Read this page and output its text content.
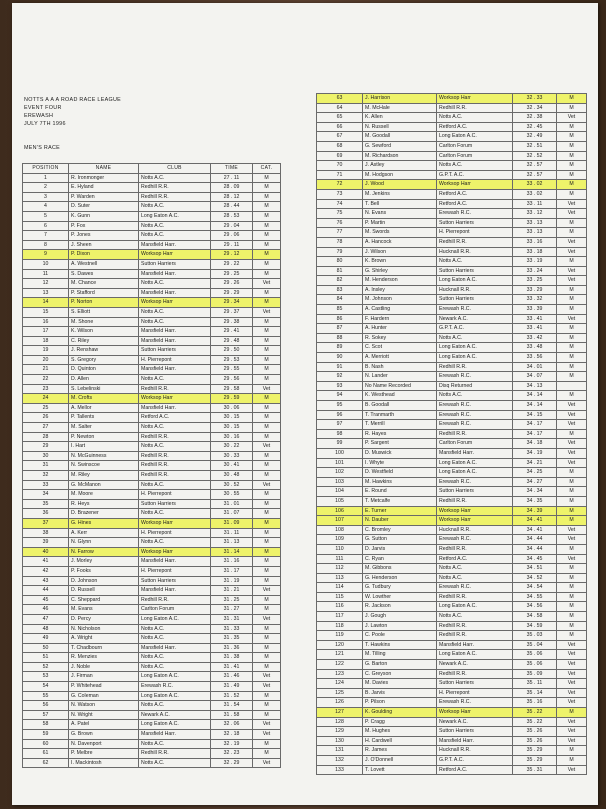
NOTTS A A A ROAD RACE LEAGUE
EVENT FOUR
EREWASH
JULY 7TH 1996
MEN'S RACE
POSITION	NAME	CLUB	TIME	CAT.
1	R. Ironmonger	Notts A.C.	27 . 11	M
2	E. Hyland	Redhill R.R.	28 . 09	M
3	P. Warden	Redhill R.R.	28 . 12	M
4	D. Suter	Notts A.C.	28 . 44	M
5	K. Gunn	Long Eaton A.C.	28 . 53	M
6	P. Fox	Notts A.C.	29 . 04	M
7	P. Jones	Notts A.C.	29 . 06	M
8	J. Sheen	Mansfield Harr.	29 . 11	M
9	P. Dixon	Worksop Harr	29 . 12	M
10	A. Westnell	Sutton Harriers	29 . 22	M
11	S. Dawes	Mansfield Harr.	29 . 25	M
12	M. Chance	Notts A.C.	29 . 26	Vet
13	P. Stafford	Mansfield Harr.	29 . 29	M
14	P. Norton	Worksop Harr	29 . 34	M
15	S. Elliott	Notts A.C.	29 . 37	Vet
16	M. Shone	Notts A.C.	29 . 38	M
17	K. Wilson	Mansfield Harr.	29 . 41	M
18	C. Riley	Mansfield Harr.	29 . 48	M
19	J. Renshaw	Sutton Harriers	29 . 50	M
20	S. Gregory	H. Pierrepont	29 . 53	M
21	D. Quinton	Mansfield Harr.	29 . 55	M
22	D. Allen	Notts A.C.	29 . 56	M
23	S. Lebelinski	Redhill R.R.	29 . 58	Vet
24	M. Crofts	Worksop Harr	29 . 59	M
25	A. Mellor	Mansfield Harr.	30 . 06	M
26	P. Tallents	Retford A.C.	30 . 15	M
27	M. Salter	Notts A.C.	30 . 15	M
28	P. Newton	Redhill R.R.	30 . 16	M
29	I. Hart	Notts A.C.	30 . 22	Vet
30	N. McGuinness	Redhill R.R.	30 . 33	M
31	N. Swinscoe	Redhill R.R.	30 . 41	M
32	M. Riley	Redhill R.R.	30 . 48	M
33	G. McManon	Notts A.C.	30 . 52	Vet
34	M. Moore	H. Pierrepont	30 . 55	M
35	R. Heys	Sutton Harriers	31 . 01	M
36	D. Brazener	Notts A.C.	31 . 07	M
37	G. Hines	Worksop Harr	31 . 09	M
38	A. Kerr	H. Pierrepont	31 . 11	M
39	N. Glynn	Notts A.C.	31 . 13	M
40	N. Farrow	Worksop Harr	31 . 14	M
41	J. Morley	Mansfield Harr.	31 . 16	M
42	P. Fooks	H. Pierrepont	31 . 17	M
43	D. Johnson	Sutton Harriers	31 . 19	M
44	D. Russell	Mansfield Harr.	31 . 21	Vet
45	C. Sheppard	Redhill R.R.	31 . 25	M
46	M. Evans	Carlton Forum	31 . 27	M
47	D. Percy	Long Eaton A.C.	31 . 31	Vet
48	N. Nicholson	Notts A.C.	31 . 33	M
49	A. Wright	Notts A.C.	31 . 35	M
50	T. Chadbourn	Mansfield Harr.	31 . 36	M
51	R. Menzies	Notts A.C.	31 . 38	M
52	J. Noble	Notts A.C.	31 . 41	M
53	J. Firman	Long Eaton A.C.	31 . 46	Vet
54	P. Whitehead	Erewash R.C.	31 . 49	Vet
55	G. Coleman	Long Eaton A.C.	31 . 52	M
56	N. Watson	Notts A.C.	31 . 54	M
57	N. Wright	Newark A.C.	31 . 58	M
58	A. Patel	Long Eaton A.C.	32 . 06	Vet
59	G. Brown	Mansfield Harr.	32 . 18	Vet
60	N. Davenport	Notts A.C.	32 . 19	M
61	P. Melbre	Redhill R.R.	32 . 23	M
62	I. Mackintosh	Notts A.C.	32 . 29	Vet
63	J. Harrison	Worksop Harr	32 . 33	M
64	M. McHale	Redhill R.R.	32 . 34	M
65	K. Allen	Notts A.C.	32 . 38	Vet
66	N. Russell	Retford A.C.	32 . 45	M
67	M. Goodall	Long Eaton A.C.	32 . 49	M
68	G. Sewford	Carlton Forum	32 . 51	M
69	M. Richardson	Carlton Forum	32 . 52	M
70	J. Astley	Notts A.C.	32 . 57	M
71	M. Hodgson	G.P.T. A.C.	32 . 57	M
72	J. Wood	Worksop Harr	33 . 02	M
73	M. Jenkins	Retford A.C.	33 . 02	M
74	T. Bell	Retford A.C.	33 . 11	Vet
75	N. Evans	Erewash R.C.	33 . 12	Vet
76	P. Martin	Sutton Harriers	33 . 13	M
77	M. Swords	H. Pierrepont	33 . 13	M
78	A. Hancock	Redhill R.R.	33 . 16	Vet
79	J. Wilson	Hucknall R.R.	33 . 18	Vet
80	K. Brown	Notts A.C.	33 . 19	M
81	G. Shirley	Sutton Harriers	33 . 24	Vet
82	M. Henderson	Long Eaton A.C.	33 . 25	Vet
83	A. Insley	Hucknall R.R.	33 . 29	M
84	M. Johnson	Sutton Harriers	33 . 32	M
85	A. Castling	Erewash R.C.	33 . 39	M
86	F. Hardern	Newark A.C.	33 . 41	Vet
87	A. Hunter	G.P.T. A.C.	33 . 41	M
88	R. Sokey	Notts A.C.	33 . 42	M
89	C. Scot	Long Eaton A.C.	33 . 48	M
90	A. Merriott	Long Eaton A.C.	33 . 56	M
91	B. Nash	Redhill R.R.	34 . 01	M
92	N. Lander	Erewash R.C.	34 . 07	M
93	No Name Recorded	Disq Returned	34 . 13	
94	K. Westhead	Notts A.C.	34 . 14	M
95	B. Goodall	Erewash R.C.	34 . 14	Vet
96	T. Tranmarth	Erewash R.C.	34 . 15	Vet
97	T. Merrill	Erewash R.C.	34 . 17	Vet
98	R. Hayes	Redhill R.R.	34 . 17	M
99	P. Sargent	Carlton Forum	34 . 18	Vet
100	D. Muswick	Mansfield Harr.	34 . 19	Vet
101	I. Whyte	Long Eaton A.C.	34 . 21	Vet
102	D. Westfield	Long Eaton A.C.	34 . 25	M
103	M. Hawkins	Erewash R.C.	34 . 27	M
104	E. Round	Sutton Harriers	34 . 34	M
105	T. Metcalfe	Redhill R.R.	34 . 35	M
106	E. Turner	Worksop Harr	34 . 39	M
107	N. Dauber	Worksop Harr	34 . 41	M
108	C. Bromley	Hucknall R.R.	34 . 41	Vet
109	G. Sutton	Erewash R.C.	34 . 44	Vet
110	D. Jarvis	Redhill R.R.	34 . 44	M
111	C. Ryan	Retford A.C.	34 . 45	Vet
112	M. Gibbons	Notts A.C.	34 . 51	M
113	G. Henderson	Notts A.C.	34 . 52	M
114	G. Tudbury	Erewash R.C.	34 . 54	M
115	W. Lowther	Redhill R.R.	34 . 55	M
116	R. Jackson	Long Eaton A.C.	34 . 56	M
117	J. Gough	Notts A.C.	34 . 58	M
118	J. Lawton	Redhill R.R.	34 . 59	M
119	C. Poole	Redhill R.R.	35 . 03	M
120	T. Hawkins	Mansfield Harr.	35 . 04	Vet
121	M. Tilling	Long Eaton A.C.	35 . 06	Vet
122	G. Barton	Newark A.C.	35 . 06	Vet
123	C. Greyson	Redhill R.R.	35 . 09	Vet
124	M. Davies	Sutton Harriers	35 . 11	Vet
125	B. Jarvis	H. Pierrepont	35 . 14	Vet
126	P. Pilson	Erewash R.C.	35 . 16	Vet
127	K. Goulding	Worksop Harr	35 . 22	M
128	P. Cragg	Newark A.C.	35 . 22	Vet
129	M. Hughes	Sutton Harriers	35 . 26	Vet
130	H. Cardwell	Mansfield Harr.	35 . 26	Vet
131	R. James	Hucknall R.R.	35 . 29	M
132	J. O'Donnell	G.P.T. A.C.	35 . 29	M
133	T. Lovett	Retford A.C.	35 . 31	Vet
